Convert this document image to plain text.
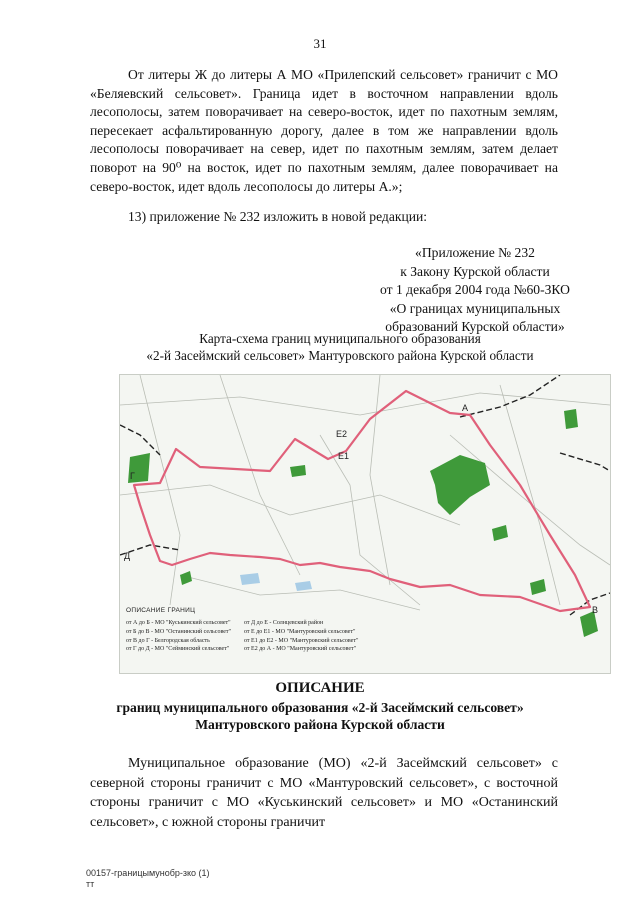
31

От литеры Ж до литеры А МО «Прилепский сельсовет» граничит с МО «Беляевский сельсовет». Граница идет в восточном направлении вдоль лесополосы, затем поворачивает на северо-восток, идет по пахотным землям, пересекает асфальтированную дорогу, далее в том же направлении вдоль лесополосы поворачивает на север, идет по пахотным землям, затем делает поворот на 90⁰ на восток, идет по пахотным землям, далее поворачивает на северо-восток, идет вдоль лесополосы до литеры А.»;

13) приложение № 232 изложить в новой редакции:

«Приложение № 232
к Закону Курской области
от 1 декабря 2004 года №60-ЗКО
«О границах муниципальных
образований Курской области»
Карта-схема границ муниципального образования
«2-й Засеймский сельсовет» Мантуровского района Курской области
А
В
Г
Д
Е1
Е2
ОПИСАНИЕ ГРАНИЦ
от А до Б - МО "Куськинский сельсовет"
от Б до В - МО "Останинский сельсовет"
от В до Г - Белгородская область
от Г до Д - МО "Сейминский сельсовет"
от Д до Е - Солнцевский район
от Е до Е1 - МО "Мантуровский сельсовет"
от Е1 до Е2 - МО "Мантуровский сельсовет"
от Е2 до А - МО "Мантуровский сельсовет"
ОПИСАНИЕ
границ муниципального образования «2-й Засеймский сельсовет»
Мантуровского района Курской области

Муниципальное образование (МО) «2-й Засеймский сельсовет» с северной стороны граничит с МО «Мантуровский сельсовет», с восточной стороны граничит с МО «Куськинский сельсовет» и МО «Останинский сельсовет», с южной стороны граничит

00157-границымунобр-зко (1)
тт
